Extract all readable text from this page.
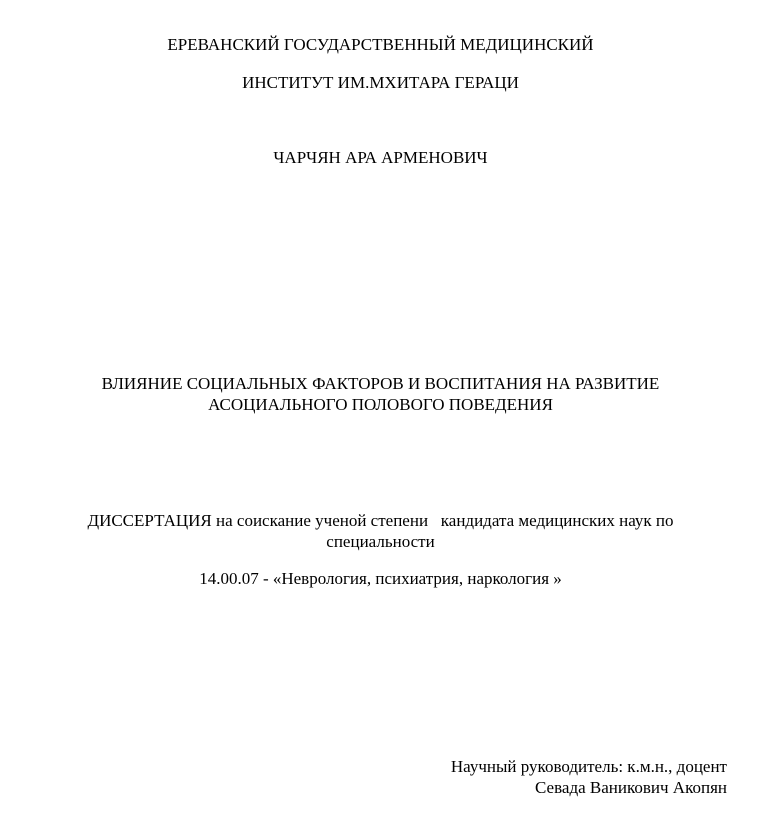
ЕРЕВАНСКИЙ ГОСУДАРСТВЕННЫЙ МЕДИЦИНСКИЙ
ИНСТИТУТ ИМ.МХИТАРА ГЕРАЦИ
ЧАРЧЯН АРА АРМЕНОВИЧ
ВЛИЯНИЕ СОЦИАЛЬНЫХ ФАКТОРОВ И ВОСПИТАНИЯ НА РАЗВИТИЕ
АСОЦИАЛЬНОГО ПОЛОВОГО ПОВЕДЕНИЯ
ДИССЕРТАЦИЯ на соискание ученой степени   кандидата медицинских наук по
специальности
14.00.07 - «Неврология, психиатрия, наркология »
Научный руководитель: к.м.н., доцент
Севада Ваникович Акопян
